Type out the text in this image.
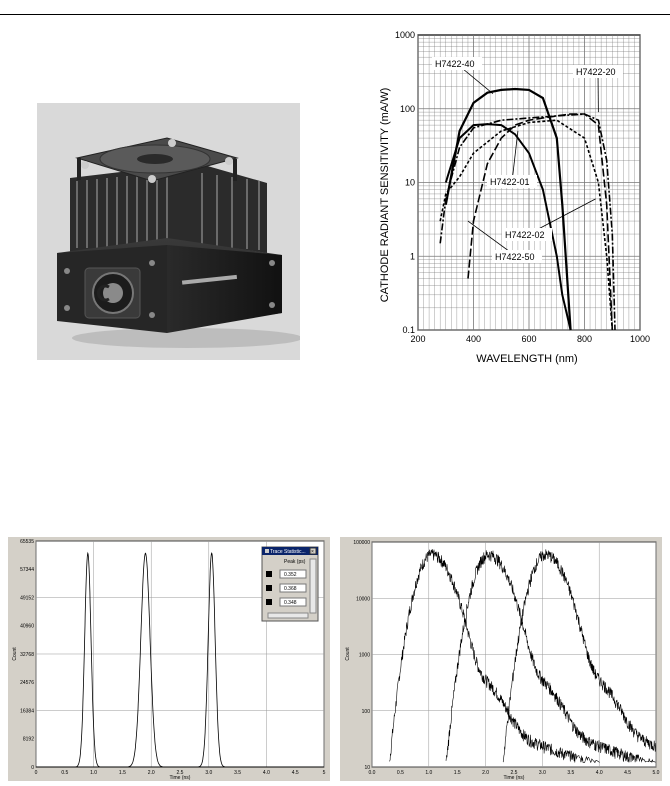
200	400	600	800	1000
0.1
1
10
100
1000
CATHODE RADIANT SENSITIVITY (mA/W)
WAVELENGTH (nm)
H7422-40
H7422-20
H7422-01
H7422-02
H7422-50
0	0.5	1.0	1.5	2.0	2.5	3.0	3.5	4.0	4.5	5
0
8192
16384
24576
32768
40960
49152
57344
65535
Time (ns)
Count
Trace Statistic... ×
Peak (ps)
0.352
0.368
0.348
0.0	0.5	1.0	1.5	2.0	2.5	3.0	3.5	4.0	4.5	5.0
10
100
1000
10000
100000
Time (ns)
Count
